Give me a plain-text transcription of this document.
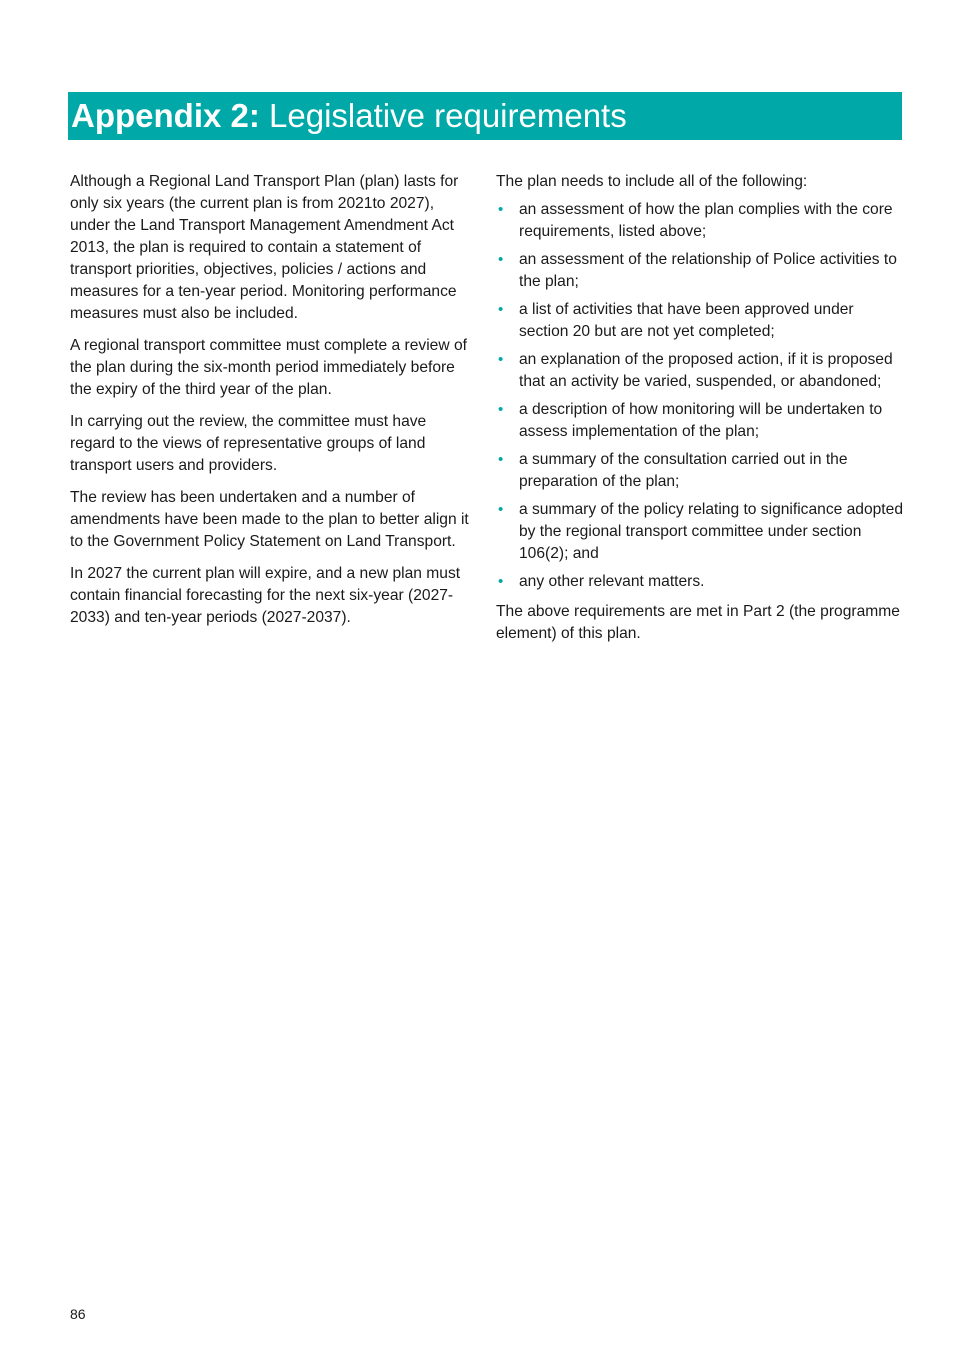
Appendix 2: Legislative requirements

Although a Regional Land Transport Plan (plan) lasts for only six years (the current plan is from 2021to 2027), under the Land Transport Management Amendment Act 2013, the plan is required to contain a statement of transport priorities, objectives, policies / actions and measures for a ten-year period. Monitoring performance measures must also be included.

A regional transport committee must complete a review of the plan during the six-month period immediately before the expiry of the third year of the plan.

In carrying out the review, the committee must have regard to the views of representative groups of land transport users and providers.

The review has been undertaken and a number of amendments have been made to the plan to better align it to the Government Policy Statement on Land Transport.

In 2027 the current plan will expire, and a new plan must contain financial forecasting for the next six-year (2027-2033) and ten-year periods (2027-2037).

The plan needs to include all of the following:

• an assessment of how the plan complies with the core requirements, listed above;
• an assessment of the relationship of Police activities to the plan;
• a list of activities that have been approved under section 20 but are not yet completed;
• an explanation of the proposed action, if it is proposed that an activity be varied, suspended, or abandoned;
• a description of how monitoring will be undertaken to assess implementation of the plan;
• a summary of the consultation carried out in the preparation of the plan;
• a summary of the policy relating to significance adopted by the regional transport committee under section 106(2); and
• any other relevant matters.

The above requirements are met in Part 2 (the programme element) of this plan.

86
